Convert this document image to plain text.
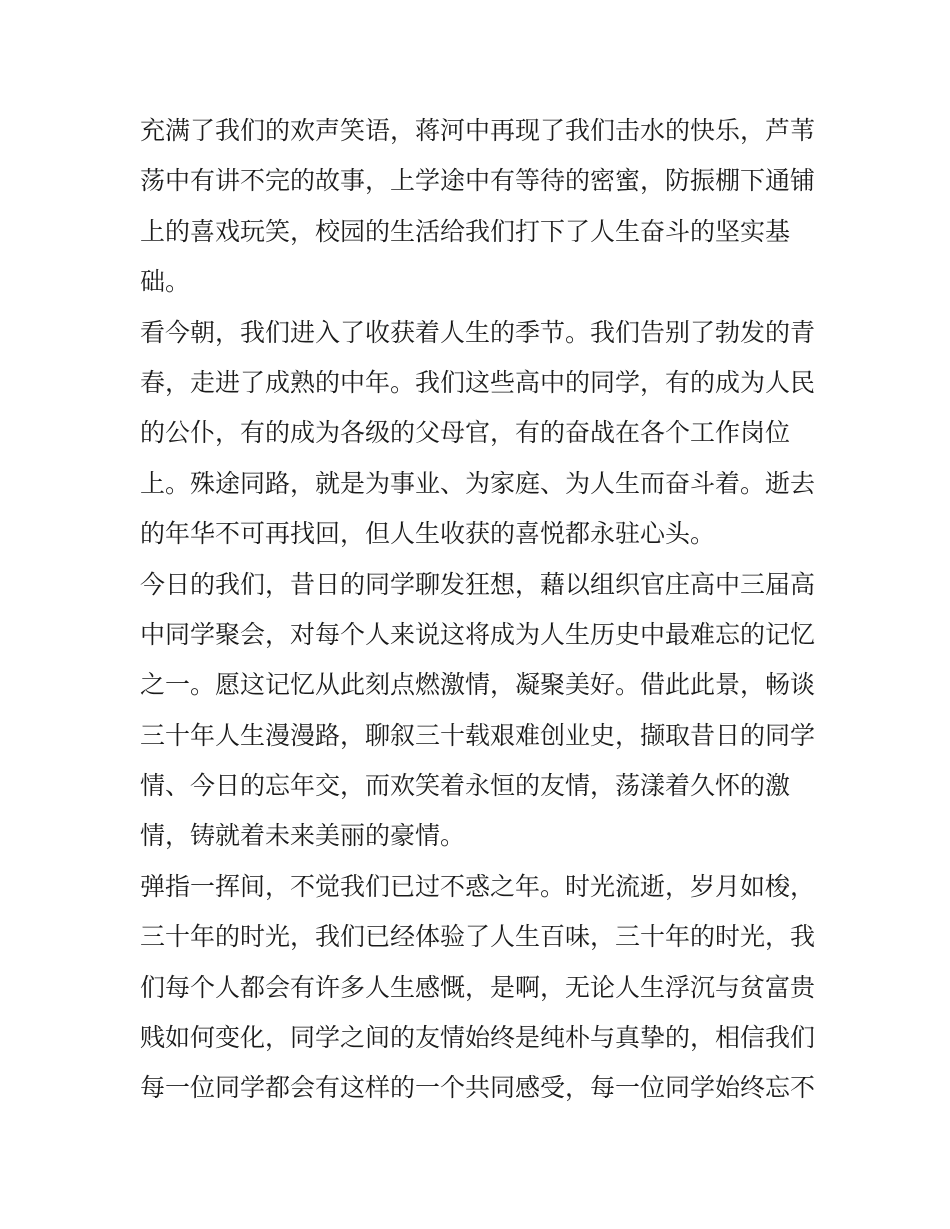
充满了我们的欢声笑语，蒋河中再现了我们击水的快乐，芦苇
荡中有讲不完的故事，上学途中有等待的密蜜，防振棚下通铺
上的喜戏玩笑，校园的生活给我们打下了人生奋斗的坚实基
础。
看今朝，我们进入了收获着人生的季节。我们告别了勃发的青
春，走进了成熟的中年。我们这些高中的同学，有的成为人民
的公仆，有的成为各级的父母官，有的奋战在各个工作岗位
上。殊途同路，就是为事业、为家庭、为人生而奋斗着。逝去
的年华不可再找回，但人生收获的喜悦都永驻心头。
今日的我们，昔日的同学聊发狂想，藉以组织官庄高中三届高
中同学聚会，对每个人来说这将成为人生历史中最难忘的记忆
之一。愿这记忆从此刻点燃激情，凝聚美好。借此此景，畅谈
三十年人生漫漫路，聊叙三十载艰难创业史，撷取昔日的同学
情、今日的忘年交，而欢笑着永恒的友情，荡漾着久怀的激
情，铸就着未来美丽的豪情。
弹指一挥间，不觉我们已过不惑之年。时光流逝，岁月如梭，
三十年的时光，我们已经体验了人生百味，三十年的时光，我
们每个人都会有许多人生感慨，是啊，无论人生浮沉与贫富贵
贱如何变化，同学之间的友情始终是纯朴与真挚的，相信我们
每一位同学都会有这样的一个共同感受，每一位同学始终忘不
